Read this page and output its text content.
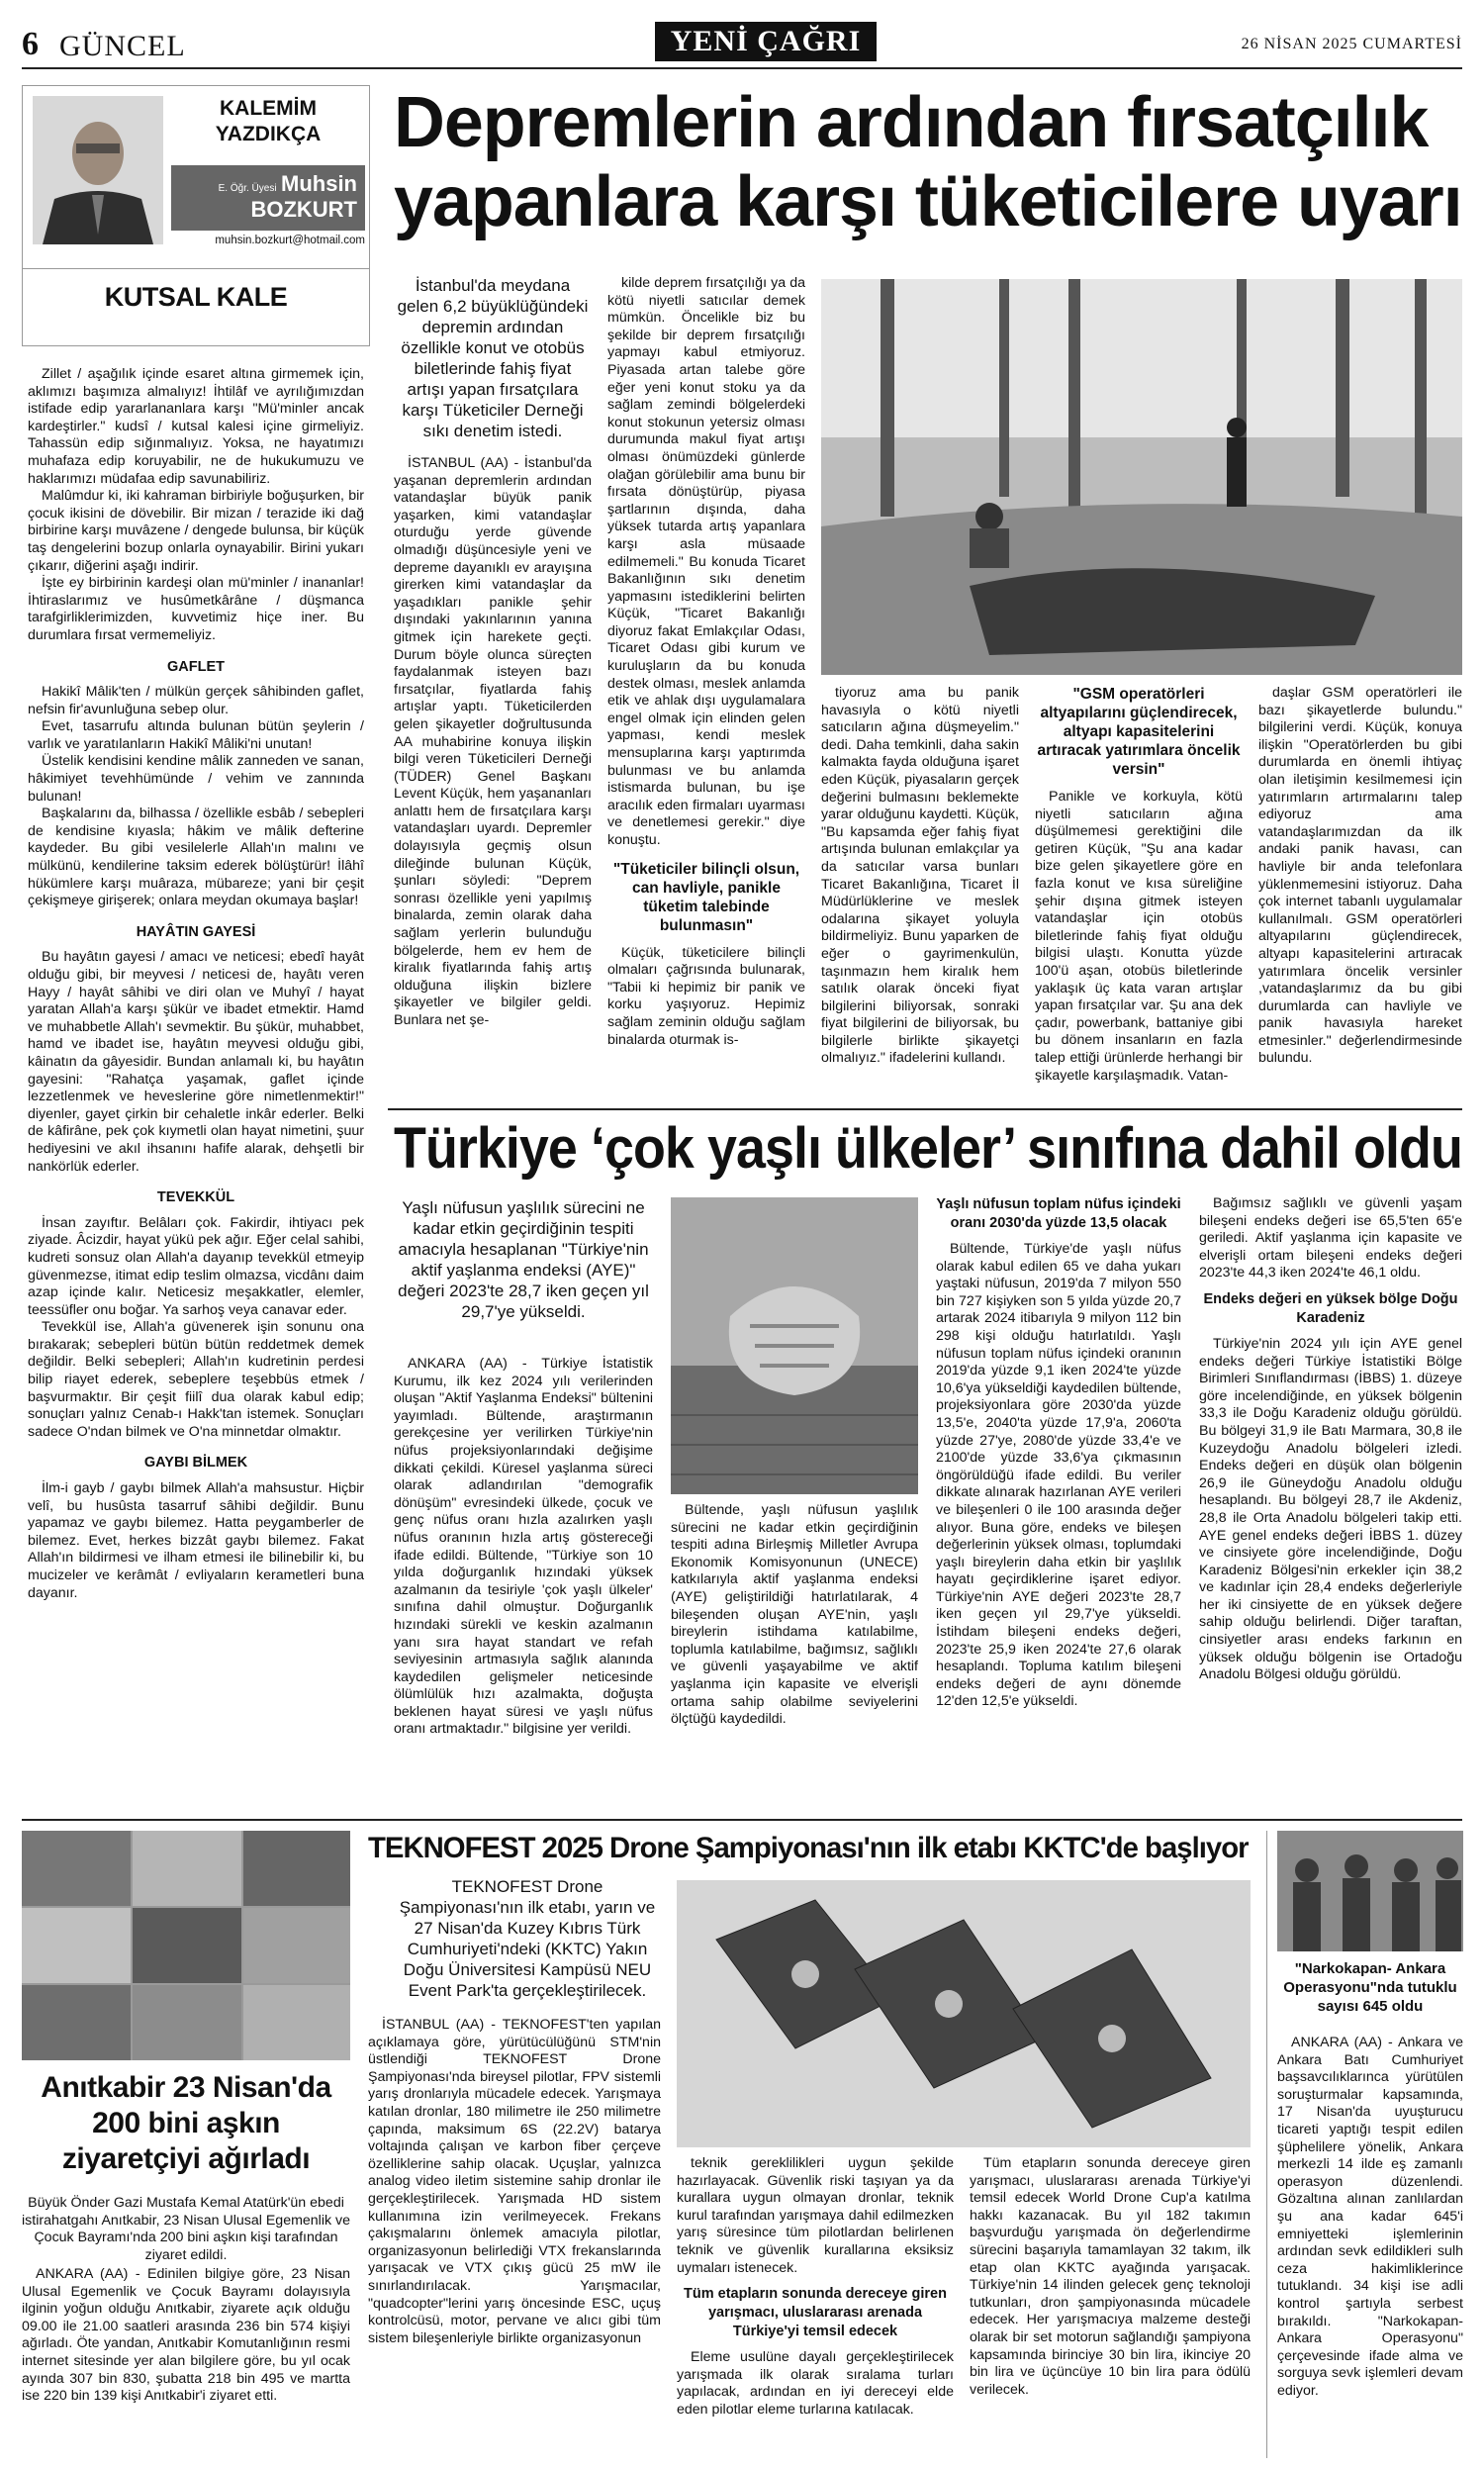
6 GÜNCEL	YENİ ÇAĞRI	26 NİSAN 2025 CUMARTESİ
KALEMİM
YAZDIKÇA
E. Öğr. Üyesi Muhsin
BOZKURT
muhsin.bozkurt@hotmail.com
KUTSAL KALE

Zillet / aşağılık içinde esaret altına girmemek için, aklımızı başımıza almalıyız! İhtilâf ve ayrılığımızdan istifade edip yararlananlara karşı "Mü'minler ancak kardeştirler." kudsî / kutsal kalesi içine girmeliyiz. Tahassün edip sığınmalıyız. Yoksa, ne hayatımızı muhafaza edip koruyabilir, ne de hukukumuzu ve haklarımızı müdafaa edip savunabiliriz.

Malûmdur ki, iki kahraman birbiriyle boğuşurken, bir çocuk ikisini de dövebilir. Bir mizan / terazide iki dağ birbirine karşı muvâzene / dengede bulunsa, bir küçük taş dengelerini bozup onlarla oynayabilir. Birini yukarı çıkarır, diğerini aşağı indirir.

İşte ey birbirinin kardeşi olan mü'minler / inananlar! İhtiraslarımız ve husûmetkârâne / düşmanca tarafgirliklerimizden, kuvvetimiz hiçe iner. Bu durumlara fırsat vermemeliyiz.

GAFLET

Hakikî Mâlik'ten / mülkün gerçek sâhibinden gaflet, nefsin fir'avunluğuna sebep olur.

Evet, tasarrufu altında bulunan bütün şeylerin / varlık ve yaratılanların Hakikî Mâliki'ni unutan!

Üstelik kendisini kendine mâlik zanneden ve sanan, hâkimiyet tevehhümünde / vehim ve zannında bulunan!

Başkalarını da, bilhassa / özellikle esbâb / sebepleri de kendisine kıyasla; hâkim ve mâlik defterine kaydeder. Bu gibi vesilelerle Allah'ın malını ve mülkünü, kendilerine taksim ederek bölüştürür! İlâhî hükümlere karşı muâraza, mübareze; yani bir çeşit çekişmeye girişerek; onlara meydan okumaya başlar!

HAYÂTIN GAYESİ

Bu hayâtın gayesi / amacı ve neticesi; ebedî hayât olduğu gibi, bir meyvesi / neticesi de, hayâtı veren Hayy / hayât sâhibi ve diri olan ve Muhyî / hayat yaratan Allah'a karşı şükür ve ibadet etmektir. Hamd ve muhabbetle Allah'ı sevmektir. Bu şükür, muhabbet, hamd ve ibadet ise, hayâtın meyvesi olduğu gibi, kâinatın da gâyesidir. Bundan anlamalı ki, bu hayâtın gayesini: "Rahatça yaşamak, gaflet içinde lezzetlenmek ve heveslerine göre nimetlenmektir!" diyenler, gayet çirkin bir cehaletle inkâr ederler. Belki de kâfirâne, pek çok kıymetli olan hayat nimetini, şuur hediyesini ve akıl ihsanını hafife alarak, dehşetli bir nankörlük ederler.

TEVEKKÜL

İnsan zayıftır. Belâları çok. Fakirdir, ihtiyacı pek ziyade. Âcizdir, hayat yükü pek ağır. Eğer celal sahibi, kudreti sonsuz olan Allah'a dayanıp tevekkül etmeyip güvenmezse, itimat edip teslim olmazsa, vicdânı daim azap içinde kalır. Neticesiz meşakkatler, elemler, teessüfler onu boğar. Ya sarhoş veya canavar eder.

Tevekkül ise, Allah'a güvenerek işin sonunu ona bırakarak; sebepleri bütün bütün reddetmek demek değildir. Belki sebepleri; Allah'ın kudretinin perdesi bilip riayet ederek, sebeplere teşebbüs etmek / başvurmaktır. Bir çeşit fiilî dua olarak kabul edip; sonuçları yalnız Cenab-ı Hakk'tan istemek. Sonuçları sadece O'ndan bilmek ve O'na minnetdar olmaktır.

GAYBI BİLMEK

İlm-i gayb / gaybı bilmek Allah'a mahsustur. Hiçbir velî, bu husûsta tasarruf sâhibi değildir. Bunu yapamaz ve gaybı bilemez. Hatta peygamberler de bilemez. Evet, herkes bizzât gaybı bilemez. Fakat Allah'ın bildirmesi ve ilham etmesi ile bilinebilir ki, bu mucizeler ve kerâmât / evliyaların kerametleri buna dayanır.

Depremlerin ardından fırsatçılık
yapanlara karşı tüketicilere uyarı
İstanbul'da meydana gelen 6,2 büyüklüğündeki depremin ardından özellikle konut ve otobüs biletlerinde fahiş fiyat artışı yapan fırsatçılara karşı Tüketiciler Derneği sıkı denetim istedi.

İSTANBUL (AA) - İstanbul'da yaşanan depremlerin ardından vatandaşlar büyük panik yaşarken, kimi vatandaşlar oturduğu yerde güvende olmadığı düşüncesiyle yeni ve depreme dayanıklı ev arayışına girerken kimi vatandaşlar da yaşadıkları panikle şehir dışındaki yakınlarının yanına gitmek için harekete geçti. Durum böyle olunca süreçten faydalanmak isteyen bazı fırsatçılar, fiyatlarda fahiş artışlar yaptı. Tüketicilerden gelen şikayetler doğrultusunda AA muhabirine konuya ilişkin bilgi veren Tüketicileri Derneği (TÜDER) Genel Başkanı Levent Küçük, hem yaşananları anlattı hem de fırsatçılara karşı vatandaşları uyardı. Depremler dolayısıyla geçmiş olsun dileğinde bulunan Küçük, şunları söyledi: "Deprem sonrası özellikle yeni yapılmış binalarda, zemin olarak daha sağlam yerlerin bulunduğu bölgelerde, hem ev hem de kiralık fiyatlarında fahiş artış olduğuna ilişkin bizlere şikayetler ve bilgiler geldi. Bunlara net şe-

kilde deprem fırsatçılığı ya da kötü niyetli satıcılar demek mümkün. Öncelikle biz bu şekilde bir deprem fırsatçılığı yapmayı kabul etmiyoruz. Piyasada artan talebe göre eğer yeni konut stoku ya da sağlam zemindi bölgelerdeki konut stokunun yetersiz olması durumunda makul fiyat artışı olması önümüzdeki günlerde olağan görülebilir ama bunu bir fırsata dönüştürüp, piyasa şartlarının dışında, daha yüksek tutarda artış yapanlara karşı asla müsaade edilmemeli." Bu konuda Ticaret Bakanlığının sıkı denetim yapmasını istediklerini belirten Küçük, "Ticaret Bakanlığı diyoruz fakat Emlakçılar Odası, Ticaret Odası gibi kurum ve kuruluşların da bu konuda destek olması, meslek anlamda etik ve ahlak dışı uygulamalara engel olmak için elinden gelen yapması, kendi meslek mensuplarına karşı yaptırımda bulunması ve bu anlamda istismarda bulunan, bu işe aracılık eden firmaları uyarması ve denetlemesi gerekir." diye konuştu.

"Tüketiciler bilinçli olsun, can havliyle, panikle tüketim talebinde bulunmasın"

Küçük, tüketicilere bilinçli olmaları çağrısında bulunarak, "Tabii ki hepimiz bir panik ve korku yaşıyoruz. Hepimiz sağlam zeminin olduğu sağlam binalarda oturmak is-

tiyoruz ama bu panik havasıyla o kötü niyetli satıcıların ağına düşmeyelim." dedi. Daha temkinli, daha sakin kalmakta fayda olduğuna işaret eden Küçük, piyasaların gerçek değerini bulmasını beklemekte yarar olduğunu kaydetti. Küçük, "Bu kapsamda eğer fahiş fiyat artışında bulunan emlakçılar ya da satıcılar varsa bunları Ticaret Bakanlığına, Ticaret İl Müdürlüklerine ve meslek odalarına şikayet yoluyla bildirmeliyiz. Bunu yaparken de eğer o gayrimenkulün, taşınmazın hem kiralık hem satılık olarak önceki fiyat bilgilerini biliyorsak, sonraki fiyat bilgilerini de biliyorsak, bu bilgilerle birlikte şikayetçi olmalıyız." ifadelerini kullandı.

"GSM operatörleri altyapılarını güçlendirecek, altyapı kapasitelerini artıracak yatırımlara öncelik versin"

Panikle ve korkuyla, kötü niyetli satıcıların ağına düşülmemesi gerektiğini dile getiren Küçük, "Şu ana kadar bize gelen şikayetlere göre en fazla konut ve kısa süreliğine şehir dışına gitmek isteyen vatandaşlar için otobüs biletlerinde fahiş fiyat olduğu bilgisi ulaştı. Konutta yüzde 100'ü aşan, otobüs biletlerinde yaklaşık üç kata varan artışlar yapan fırsatçılar var. Şu ana dek çadır, powerbank, battaniye gibi bu dönem insanların en fazla talep ettiği ürünlerde herhangi bir şikayetle karşılaşmadık. Vatan-

daşlar GSM operatörleri ile bazı şikayetlerde bulundu." bilgilerini verdi. Küçük, konuya ilişkin "Operatörlerden bu gibi durumlarda en önemli ihtiyaç olan iletişimin kesilmemesi için yatırımların artırmalarını talep ediyoruz ama vatandaşlarımızdan da ilk andaki panik havası, can havliyle bir anda telefonlara yüklenmemesini istiyoruz. Daha çok internet tabanlı uygulamalar kullanılmalı. GSM operatörleri altyapılarını güçlendirecek, altyapı kapasitelerini artıracak yatırımlara öncelik versinler ,vatandaşlarımız da bu gibi durumlarda can havliyle ve panik havasıyla hareket etmesinler." değerlendirmesinde bulundu.

Türkiye ‘çok yaşlı ülkeler’ sınıfına dahil oldu
Yaşlı nüfusun yaşlılık sürecini ne kadar etkin geçirdiğinin tespiti amacıyla hesaplanan "Türkiye'nin aktif yaşlanma endeksi (AYE)" değeri 2023'te 28,7 iken geçen yıl 29,7'ye yükseldi.

ANKARA (AA) - Türkiye İstatistik Kurumu, ilk kez 2024 yılı verilerinden oluşan "Aktif Yaşlanma Endeksi" bültenini yayımladı. Bültende, araştırmanın gerekçesine yer verilirken Türkiye'nin nüfus projeksiyonlarındaki değişime dikkati çekildi. Küresel yaşlanma süreci olarak adlandırılan "demografik dönüşüm" evresindeki ülkede, çocuk ve genç nüfus oranı hızla azalırken yaşlı nüfus oranının hızla artış göstereceği ifade edildi. Bültende, "Türkiye son 10 yılda doğurganlık hızındaki yüksek azalmanın da tesiriyle 'çok yaşlı ülkeler' sınıfına dahil olmuştur. Doğurganlık hızındaki sürekli ve keskin azalmanın yanı sıra hayat standart ve refah seviyesinin artmasıyla sağlık alanında kaydedilen gelişmeler neticesinde ölümlülük hızı azalmakta, doğuşta beklenen hayat süresi ve yaşlı nüfus oranı artmaktadır." bilgisine yer verildi.

Bültende, yaşlı nüfusun yaşlılık sürecini ne kadar etkin geçirdiğinin tespiti adına Birleşmiş Milletler Avrupa Ekonomik Komisyonunun (UNECE) katkılarıyla aktif yaşlanma endeksi (AYE) geliştirildiği hatırlatılarak, 4 bileşenden oluşan AYE'nin, yaşlı bireylerin istihdama katılabilme, toplumla katılabilme, bağımsız, sağlıklı ve güvenli yaşayabilme ve aktif yaşlanma için kapasite ve elverişli ortama sahip olabilme seviyelerini ölçtüğü kaydedildi.

Yaşlı nüfusun toplam nüfus içindeki oranı 2030'da yüzde 13,5 olacak

Bültende, Türkiye'de yaşlı nüfus olarak kabul edilen 65 ve daha yukarı yaştaki nüfusun, 2019'da 7 milyon 550 bin 727 kişiyken son 5 yılda yüzde 20,7 artarak 2024 itibarıyla 9 milyon 112 bin 298 kişi olduğu hatırlatıldı. Yaşlı nüfusun toplam nüfus içindeki oranının 2019'da yüzde 9,1 iken 2024'te yüzde 10,6'ya yükseldiği kaydedilen bültende, projeksiyonlara göre 2030'da yüzde 13,5'e, 2040'ta yüzde 17,9'a, 2060'ta yüzde 27'ye, 2080'de yüzde 33,4'e ve 2100'de yüzde 33,6'ya çıkmasının öngörüldüğü ifade edildi. Bu veriler dikkate alınarak hazırlanan AYE verileri ve bileşenleri 0 ile 100 arasında değer alıyor. Buna göre, endeks ve bileşen değerlerinin yüksek olması, toplumdaki yaşlı bireylerin daha etkin bir yaşlılık hayatı geçirdiklerine işaret ediyor. Türkiye'nin AYE değeri 2023'te 28,7 iken geçen yıl 29,7'ye yükseldi. İstihdam bileşeni endeks değeri, 2023'te 25,9 iken 2024'te 27,6 olarak hesaplandı. Topluma katılım bileşeni endeks değeri de aynı dönemde 12'den 12,5'e yükseldi.

Bağımsız sağlıklı ve güvenli yaşam bileşeni endeks değeri ise 65,5'ten 65'e geriledi. Aktif yaşlanma için kapasite ve elverişli ortam bileşeni endeks değeri 2023'te 44,3 iken 2024'te 46,1 oldu.

Endeks değeri en yüksek bölge Doğu Karadeniz

Türkiye'nin 2024 yılı için AYE genel endeks değeri Türkiye İstatistiki Bölge Birimleri Sınıflandırması (İBBS) 1. düzeye göre incelendiğinde, en yüksek bölgenin 33,3 ile Doğu Karadeniz olduğu görüldü. Bu bölgeyi 31,9 ile Batı Marmara, 30,8 ile Kuzeydoğu Anadolu bölgeleri izledi. Endeks değeri en düşük olan bölgenin 26,9 ile Güneydoğu Anadolu olduğu hesaplandı. Bu bölgeyi 28,7 ile Akdeniz, 28,8 ile Orta Anadolu bölgeleri takip etti. AYE genel endeks değeri İBBS 1. düzey ve cinsiyete göre incelendiğinde, Doğu Karadeniz Bölgesi'nin erkekler için 38,2 ve kadınlar için 28,4 endeks değerleriyle her iki cinsiyette de en yüksek değere sahip olduğu belirlendi. Diğer taraftan, cinsiyetler arası endeks farkının en yüksek olduğu bölgenin ise Ortadoğu Anadolu Bölgesi olduğu görüldü.

Anıtkabir 23 Nisan'da 200 bini aşkın ziyaretçiyi ağırladı
Büyük Önder Gazi Mustafa Kemal Atatürk'ün ebedi istirahatgahı Anıtkabir, 23 Nisan Ulusal Egemenlik ve Çocuk Bayramı'nda 200 bini aşkın kişi tarafından ziyaret edildi.

ANKARA (AA) - Edinilen bilgiye göre, 23 Nisan Ulusal Egemenlik ve Çocuk Bayramı dolayısıyla ilginin yoğun olduğu Anıtkabir, ziyarete açık olduğu 09.00 ile 21.00 saatleri arasında 236 bin 574 kişiyi ağırladı. Öte yandan, Anıtkabir Komutanlığının resmi internet sitesinde yer alan bilgilere göre, bu yıl ocak ayında 307 bin 830, şubatta 218 bin 495 ve martta ise 220 bin 139 kişi Anıtkabir'i ziyaret etti.

TEKNOFEST 2025 Drone Şampiyonası'nın ilk etabı KKTC'de başlıyor
TEKNOFEST Drone Şampiyonası'nın ilk etabı, yarın ve 27 Nisan'da Kuzey Kıbrıs Türk Cumhuriyeti'ndeki (KKTC) Yakın Doğu Üniversitesi Kampüsü NEU Event Park'ta gerçekleştirilecek.

İSTANBUL (AA) - TEKNOFEST'ten yapılan açıklamaya göre, yürütücülüğünü STM'nin üstlendiği TEKNOFEST Drone Şampiyonası'nda bireysel pilotlar, FPV sistemli yarış dronlarıyla mücadele edecek. Yarışmaya katılan dronlar, 180 milimetre ile 250 milimetre çapında, maksimum 6S (22.2V) batarya voltajında çalışan ve karbon fiber çerçeve özelliklerine sahip olacak. Uçuşlar, yalnızca analog video iletim sistemine sahip dronlar ile gerçekleştirilecek. Yarışmada HD sistem kullanımına izin verilmeyecek. Frekans çakışmalarını önlemek amacıyla pilotlar, organizasyonun belirlediği VTX frekanslarında yarışacak ve VTX çıkış gücü 25 mW ile sınırlandırılacak. Yarışmacılar, "quadcopter"lerini yarış öncesinde ESC, uçuş kontrolcüsü, motor, pervane ve alıcı gibi tüm sistem bileşenleriyle birlikte organizasyonun

teknik gereklilikleri uygun şekilde hazırlayacak. Güvenlik riski taşıyan ya da kurallara uygun olmayan dronlar, teknik kurul tarafından yarışmaya dahil edilmezken yarış süresince tüm pilotlardan belirlenen teknik ve güvenlik kurallarına eksiksiz uymaları istenecek.

Tüm etapların sonunda dereceye giren yarışmacı, uluslararası arenada Türkiye'yi temsil edecek

Eleme usulüne dayalı gerçekleştirilecek yarışmada ilk olarak sıralama turları yapılacak, ardından en iyi dereceyi elde eden pilotlar eleme turlarına katılacak.

Tüm etapların sonunda dereceye giren yarışmacı, uluslararası arenada Türkiye'yi temsil edecek World Drone Cup'a katılma hakkı kazanacak. Bu yıl 182 takımın başvurduğu yarışmada ön değerlendirme sürecini başarıyla tamamlayan 32 takım, ilk etap olan KKTC ayağında yarışacak. Türkiye'nin 14 ilinden gelecek genç teknoloji tutkunları, dron şampiyonasında mücadele edecek. Her yarışmacıya malzeme desteği olarak bir set motorun sağlandığı şampiyona kapsamında birinciye 30 bin lira, ikinciye 20 bin lira ve üçüncüye 10 bin lira para ödülü verilecek.

"Narkokapan- Ankara Operasyonu"nda tutuklu sayısı 645 oldu

ANKARA (AA) - Ankara ve Ankara Batı Cumhuriyet başsavcılıklarınca yürütülen soruşturmalar kapsamında, 17 Nisan'da uyuşturucu ticareti yaptığı tespit edilen şüphelilere yönelik, Ankara merkezli 14 ilde eş zamanlı operasyon düzenlendi. Gözaltına alınan zanlılardan şu ana kadar 645'i emniyetteki işlemlerinin ardından sevk edildikleri sulh ceza hakimliklerince tutuklandı. 34 kişi ise adli kontrol şartıyla serbest bırakıldı. "Narkokapan-Ankara Operasyonu" çerçevesinde ifade alma ve sorguya sevk işlemleri devam ediyor.
